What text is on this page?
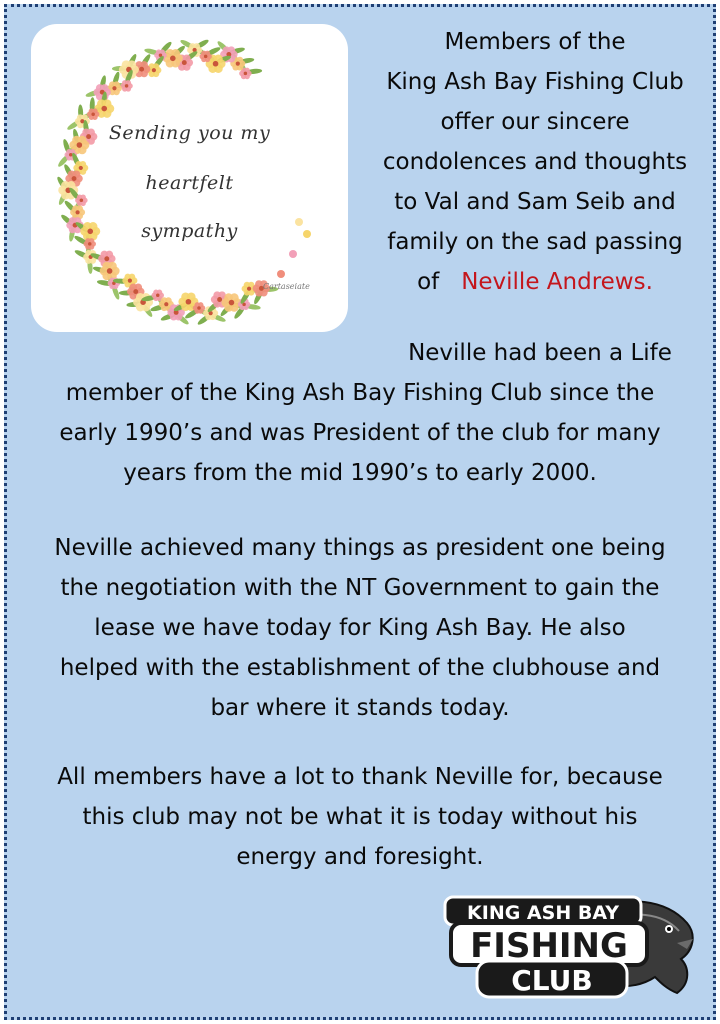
Sending you my
heartfelt
sympathy
Cartaseiate
Members of the
King Ash Bay Fishing Club
offer our sincere
condolences and thoughts
to Val and Sam Seib and
family on the sad passing
of Neville Andrews.
Neville had been a Life
member of the King Ash Bay Fishing Club since the
early 1990’s and was President of the club for many
years from the mid 1990’s to early 2000.
Neville achieved many things as president one being
the negotiation with the NT Government to gain the
lease we have today for King Ash Bay. He also
helped with the establishment of the clubhouse and
bar where it stands today.
All members have a lot to thank Neville for, because
this club may not be what it is today without his
energy and foresight.
KING ASH BAY
FISHING
CLUB
